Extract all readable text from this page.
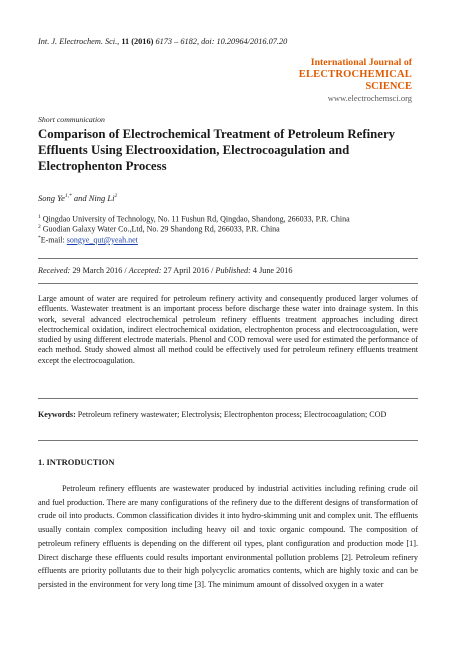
Int. J. Electrochem. Sci., 11 (2016) 6173 – 6182, doi: 10.20964/2016.07.20
International Journal of
ELECTROCHEMICAL
SCIENCE
www.electrochemsci.org
Short communication
Comparison of Electrochemical Treatment of Petroleum Refinery Effluents Using Electrooxidation, Electrocoagulation and Electrophenton Process
Song $Ye^{1,*}$ and Ning Li$^2$
$^1$ Qingdao University of Technology, No. 11 Fushun Rd, Qingdao, Shandong, 266033, P.R. China
$^2$ Guodian Galaxy Water Co.,Ltd, No. 29 Shandong Rd, 266033, P.R. China
*E-mail: songye_qut@yeah.net
Received: 29 March 2016 / Accepted: 27 April 2016 / Published: 4 June 2016
Large amount of water are required for petroleum refinery activity and consequently produced larger volumes of effluents. Wastewater treatment is an important process before discharge these water into drainage system. In this work, several advanced electrochemical petroleum refinery effluents treatment approaches including direct electrochemical oxidation, indirect electrochemical oxidation, electrophenton process and electrocoagulation, were studied by using different electrode materials. Phenol and COD removal were used for estimated the performance of each method. Study showed almost all method could be effectively used for petroleum refinery effluents treatment except the electrocoagulation.
Keywords: Petroleum refinery wastewater; Electrolysis; Electrophenton process; Electrocoagulation; COD
1. INTRODUCTION
Petroleum refinery effluents are wastewater produced by industrial activities including refining crude oil and fuel production. There are many configurations of the refinery due to the different designs of transformation of crude oil into products. Common classification divides it into hydro-skimming unit and complex unit. The effluents usually contain complex composition including heavy oil and toxic organic compound. The composition of petroleum refinery effluents is depending on the different oil types, plant configuration and production mode [1]. Direct discharge these effluents could results important environmental pollution problems [2]. Petroleum refinery effluents are priority pollutants due to their high polycyclic aromatics contents, which are highly toxic and can be persisted in the environment for very long time [3]. The minimum amount of dissolved oxygen in a water
